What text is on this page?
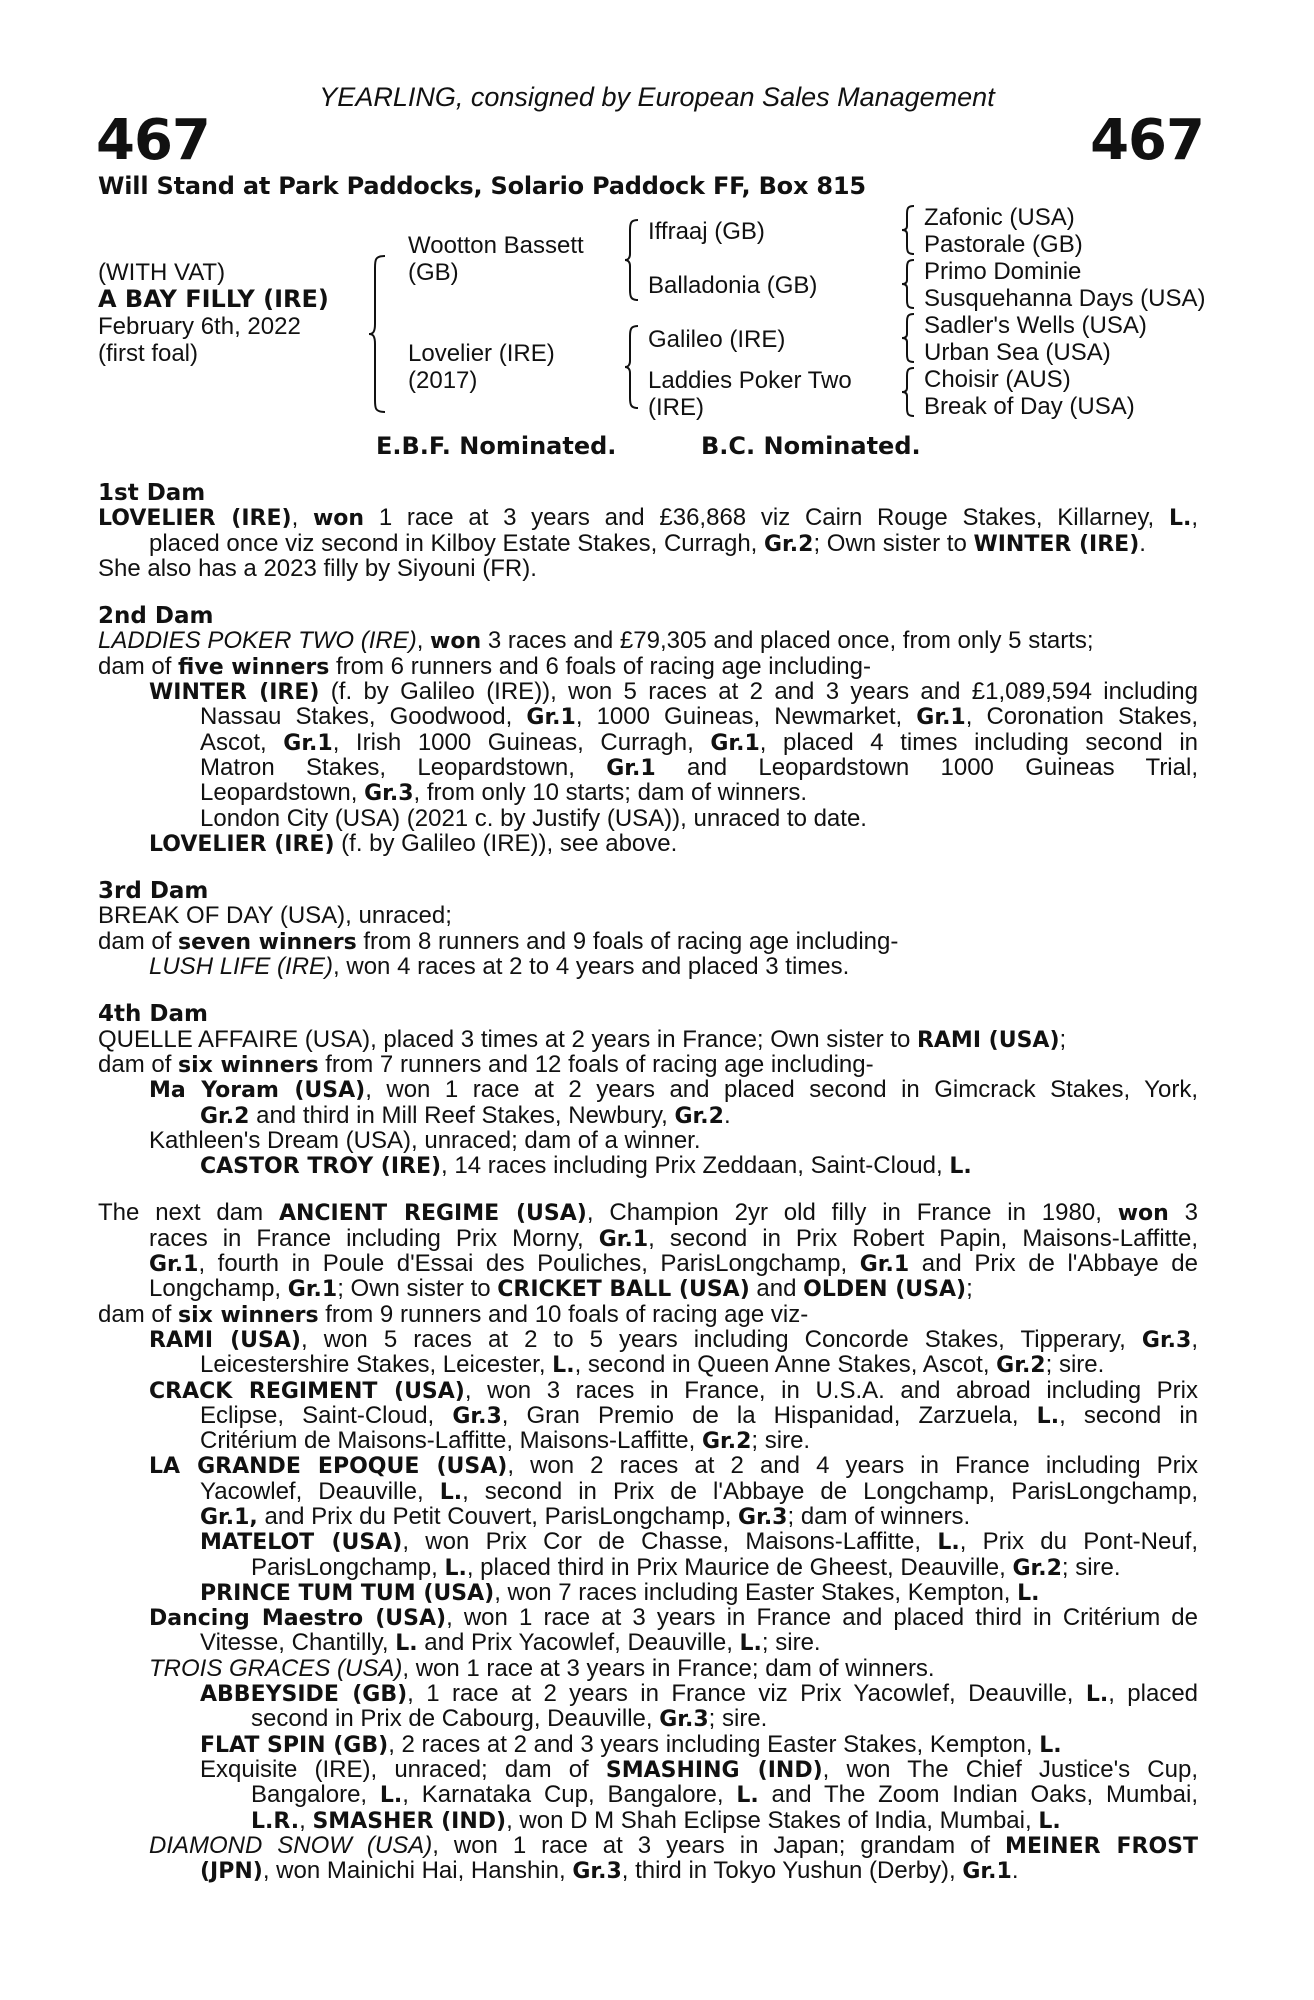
YEARLING, consigned by European Sales Management
467	467
Will Stand at Park Paddocks, Solario Paddock FF, Box 815
(WITH VAT)
A BAY FILLY (IRE)
February 6th, 2022
(first foal)
Wootton Bassett
(GB)
Lovelier (IRE)
(2017)
Iffraaj (GB)
Balladonia (GB)
Galileo (IRE)
Laddies Poker Two
(IRE)
Zafonic (USA)
Pastorale (GB)
Primo Dominie
Susquehanna Days (USA)
Sadler's Wells (USA)
Urban Sea (USA)
Choisir (AUS)
Break of Day (USA)
E.B.F. Nominated.	B.C. Nominated.
1st Dam
LOVELIER (IRE), won 1 race at 3 years and £36,868 viz Cairn Rouge Stakes, Killarney, L.,
placed once viz second in Kilboy Estate Stakes, Curragh, Gr.2; Own sister to WINTER (IRE).
She also has a 2023 filly by Siyouni (FR).
2nd Dam
LADDIES POKER TWO (IRE), won 3 races and £79,305 and placed once, from only 5 starts;
dam of five winners from 6 runners and 6 foals of racing age including-
WINTER (IRE) (f. by Galileo (IRE)), won 5 races at 2 and 3 years and £1,089,594 including
Nassau Stakes, Goodwood, Gr.1, 1000 Guineas, Newmarket, Gr.1, Coronation Stakes,
Ascot, Gr.1, Irish 1000 Guineas, Curragh, Gr.1, placed 4 times including second in
Matron Stakes, Leopardstown, Gr.1 and Leopardstown 1000 Guineas Trial,
Leopardstown, Gr.3, from only 10 starts; dam of winners.
London City (USA) (2021 c. by Justify (USA)), unraced to date.
LOVELIER (IRE) (f. by Galileo (IRE)), see above.
3rd Dam
BREAK OF DAY (USA), unraced;
dam of seven winners from 8 runners and 9 foals of racing age including-
LUSH LIFE (IRE), won 4 races at 2 to 4 years and placed 3 times.
4th Dam
QUELLE AFFAIRE (USA), placed 3 times at 2 years in France; Own sister to RAMI (USA);
dam of six winners from 7 runners and 12 foals of racing age including-
Ma Yoram (USA), won 1 race at 2 years and placed second in Gimcrack Stakes, York,
Gr.2 and third in Mill Reef Stakes, Newbury, Gr.2.
Kathleen's Dream (USA), unraced; dam of a winner.
CASTOR TROY (IRE), 14 races including Prix Zeddaan, Saint-Cloud, L.
The next dam ANCIENT REGIME (USA), Champion 2yr old filly in France in 1980, won 3
races in France including Prix Morny, Gr.1, second in Prix Robert Papin, Maisons-Laffitte,
Gr.1, fourth in Poule d'Essai des Pouliches, ParisLongchamp, Gr.1 and Prix de l'Abbaye de
Longchamp, Gr.1; Own sister to CRICKET BALL (USA) and OLDEN (USA);
dam of six winners from 9 runners and 10 foals of racing age viz-
RAMI (USA), won 5 races at 2 to 5 years including Concorde Stakes, Tipperary, Gr.3,
Leicestershire Stakes, Leicester, L., second in Queen Anne Stakes, Ascot, Gr.2; sire.
CRACK REGIMENT (USA), won 3 races in France, in U.S.A. and abroad including Prix
Eclipse, Saint-Cloud, Gr.3, Gran Premio de la Hispanidad, Zarzuela, L., second in
Critérium de Maisons-Laffitte, Maisons-Laffitte, Gr.2; sire.
LA GRANDE EPOQUE (USA), won 2 races at 2 and 4 years in France including Prix
Yacowlef, Deauville, L., second in Prix de l'Abbaye de Longchamp, ParisLongchamp,
Gr.1, and Prix du Petit Couvert, ParisLongchamp, Gr.3; dam of winners.
MATELOT (USA), won Prix Cor de Chasse, Maisons-Laffitte, L., Prix du Pont-Neuf,
ParisLongchamp, L., placed third in Prix Maurice de Gheest, Deauville, Gr.2; sire.
PRINCE TUM TUM (USA), won 7 races including Easter Stakes, Kempton, L.
Dancing Maestro (USA), won 1 race at 3 years in France and placed third in Critérium de
Vitesse, Chantilly, L. and Prix Yacowlef, Deauville, L.; sire.
TROIS GRACES (USA), won 1 race at 3 years in France; dam of winners.
ABBEYSIDE (GB), 1 race at 2 years in France viz Prix Yacowlef, Deauville, L., placed
second in Prix de Cabourg, Deauville, Gr.3; sire.
FLAT SPIN (GB), 2 races at 2 and 3 years including Easter Stakes, Kempton, L.
Exquisite (IRE), unraced; dam of SMASHING (IND), won The Chief Justice's Cup,
Bangalore, L., Karnataka Cup, Bangalore, L. and The Zoom Indian Oaks, Mumbai,
L.R., SMASHER (IND), won D M Shah Eclipse Stakes of India, Mumbai, L.
DIAMOND SNOW (USA), won 1 race at 3 years in Japan; grandam of MEINER FROST
(JPN), won Mainichi Hai, Hanshin, Gr.3, third in Tokyo Yushun (Derby), Gr.1.
